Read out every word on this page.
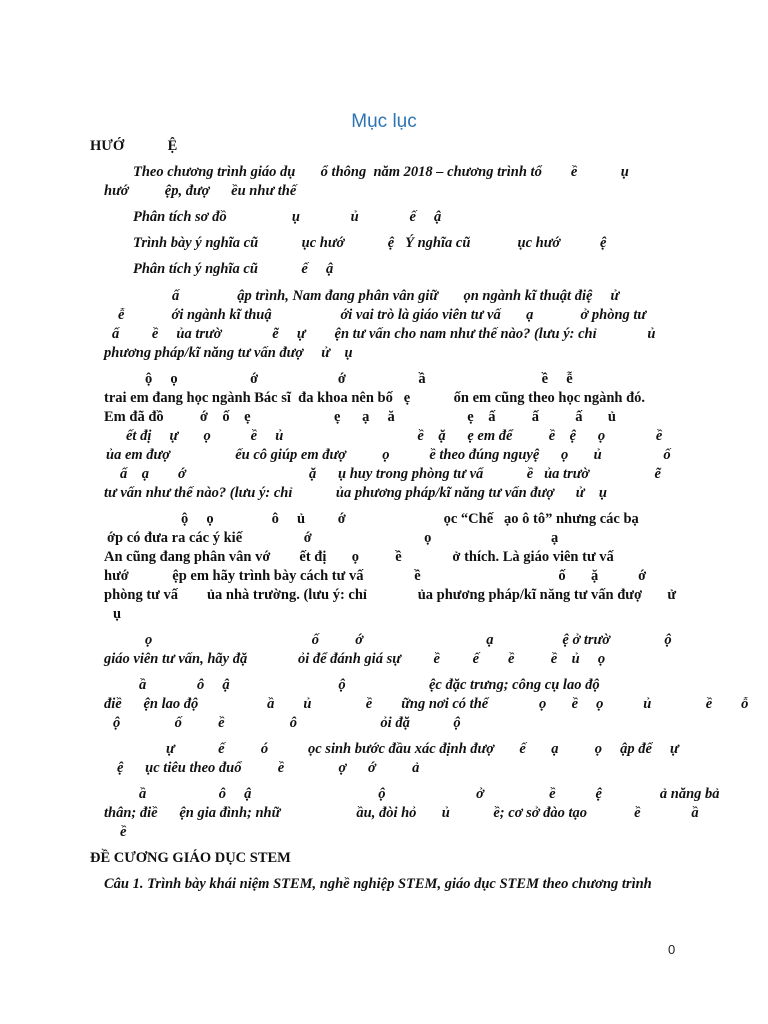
Mục lục
HƯỚ            Ệ
Theo chương trình giáo dụ       ổ thông  năm 2018 – chương trình tổ        ề            ụ
hướ          ệp, đượ      ều như thế
Phân tích sơ đồ                  ụ              ủ              ế     ậ
Trình bày ý nghĩa cũ            ục hướ            ệ   Ý nghĩa cũ             ục hướ           ệ
Phân tích ý nghĩa cũ            ế     ậ
ấ                ập trình, Nam đang phân vân giữ       ọn ngành kĩ thuật điệ     ử
ễ             ới ngành kĩ thuậ                   ới vai trò là giáo viên tư vấ       ạ             ở phòng tư
ấ         ề     ủa trườ              ẽ     ự        ện tư vấn cho nam như thế nào? (lưu ý: chỉ              ủ
phương pháp/kĩ năng tư vấn đượ     ử    ụ
ộ     ọ                    ớ                      ớ                    ầ                                ề     ễ
trai em đang học ngành Bác sĩ  đa khoa nên bố   ẹ            ốn em cũng theo học ngành đó.
Em đã đồ          ớ    ố    ẹ                       ẹ      ạ     ă                    ẹ    ấ          ấ          ấ       ủ
ết đị     ự       ọ           ề     ủ                                     ề    ặ      ẹ em để          ề    ệ      ọ              ề
ủa em đượ                  ếu cô giúp em đượ          ọ           ề theo đúng nguyệ      ọ       ủ                 ố
ấ    ạ        ớ                                  ặ      ụ huy trong phòng tư vấ            ề   ủa trườ                  ẽ
tư vấn như thế nào? (lưu ý: chỉ            ủa phương pháp/kĩ năng tư vấn đượ      ử    ụ
ộ     ọ                ô     ủ         ớ                           ọc “Chế   ạo ô tô” nhưng các bạ
ớp có đưa ra các ý kiế                 ớ                               ọ                                 ạ
An cũng đang phân vân vớ        ết đị       ọ          ề              ở thích. Là giáo viên tư vấ
hướ            ệp em hãy trình bày cách tư vấ              ề                                      ố       ặ           ớ
phòng tư vấ        ủa nhà trường. (lưu ý: chỉ              ủa phương pháp/kĩ năng tư vấn đượ       ử
ụ
ọ                                            ố          ớ                                  ạ                   ệ ở trườ               ộ
giáo viên tư vấn, hãy đặ              ỏi để đánh giá sự         ề         ế        ề          ề    ủ     ọ
ầ              ô     ậ                              ộ                       ệc đặc trưng; công cụ lao độ
điề      ện lao độ                   ầ        ủ               ề        ững nơi có thể              ọ       ề     ọ           ủ               ề        ỗ
ộ               ố          ề                  ô                       ỏi đặ            ộ
ự            ế          ó           ọc sinh bước đầu xác định đượ       ế       ạ          ọ     ập để     ự
ệ      ục tiêu theo đuổ          ề               ợ      ớ          ả
ầ                    ô     ậ                                   ộ                         ở                  ề           ệ                ả năng bả
thân; điề      ện gia đình; nhữ                     ầu, đòi hỏ       ủ            ề; cơ sở đào tạo             ề              ầ
ề
ĐỀ CƯƠNG GIÁO DỤC STEM
Câu 1. Trình bày khái niệm STEM, nghề nghiệp STEM, giáo dục STEM theo chương trình
0
